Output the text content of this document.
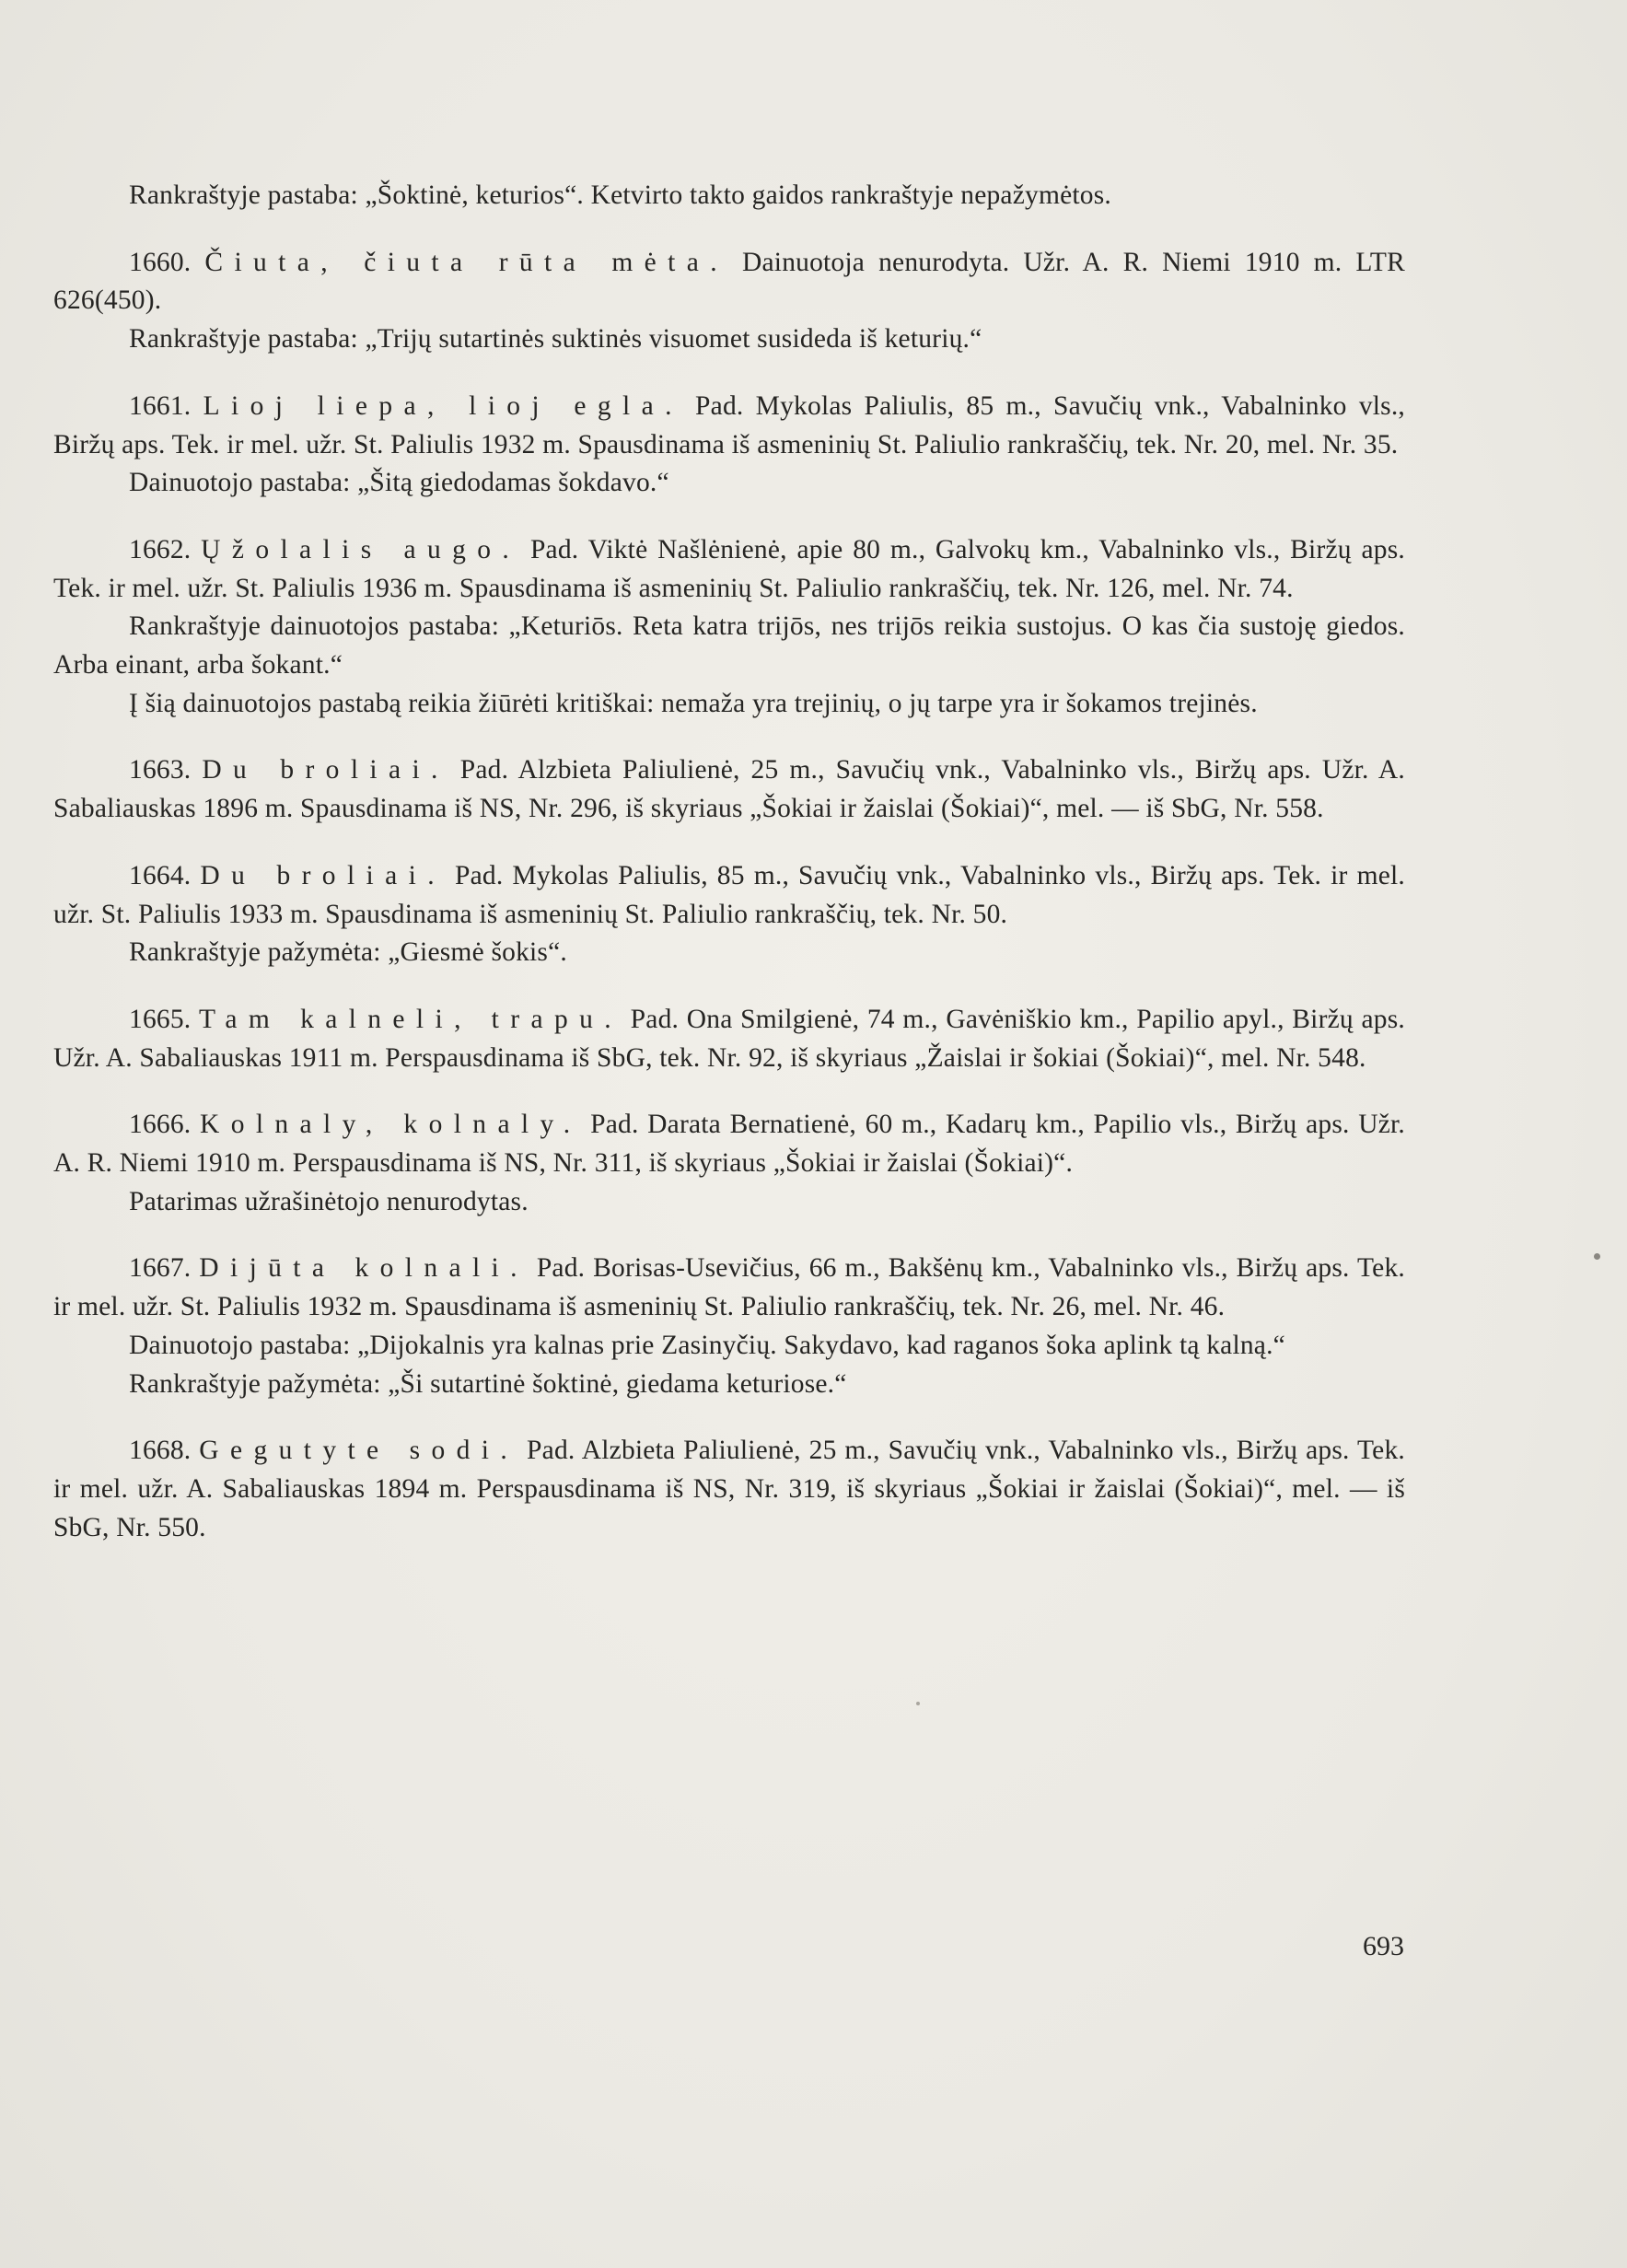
Rankraštyje pastaba: „Šoktinė, keturios“. Ketvirto takto gaidos rankraštyje nepažymėtos.

1660. Čiuta, čiuta rūta mėta. Dainuotoja nenurodyta. Užr. A. R. Niemi 1910 m. LTR 626(450).

Rankraštyje pastaba: „Trijų sutartinės suktinės visuomet susideda iš keturių.“

1661. Lioj liepa, lioj egla. Pad. Mykolas Paliulis, 85 m., Savučių vnk., Vabalninko vls., Biržų aps. Tek. ir mel. užr. St. Paliulis 1932 m. Spausdinama iš asmeninių St. Paliulio rankraščių, tek. Nr. 20, mel. Nr. 35.

Dainuotojo pastaba: „Šitą giedodamas šokdavo.“

1662. Ųžolalis augo. Pad. Viktė Našlėnienė, apie 80 m., Galvokų km., Vabalninko vls., Biržų aps. Tek. ir mel. užr. St. Paliulis 1936 m. Spausdinama iš asmeninių St. Paliulio rankraščių, tek. Nr. 126, mel. Nr. 74.

Rankraštyje dainuotojos pastaba: „Keturiōs. Reta katra trijōs, nes trijōs reikia sustojus. O kas čia sustoję giedos. Arba einant, arba šokant.“

Į šią dainuotojos pastabą reikia žiūrėti kritiškai: nemaža yra trejinių, o jų tarpe yra ir šokamos trejinės.

1663. Du broliai. Pad. Alzbieta Paliulienė, 25 m., Savučių vnk., Vabalninko vls., Biržų aps. Užr. A. Sabaliauskas 1896 m. Spausdinama iš NS, Nr. 296, iš skyriaus „Šokiai ir žaislai (Šokiai)“, mel. — iš SbG, Nr. 558.

1664. Du broliai. Pad. Mykolas Paliulis, 85 m., Savučių vnk., Vabalninko vls., Biržų aps. Tek. ir mel. užr. St. Paliulis 1933 m. Spausdinama iš asmeninių St. Paliulio rankraščių, tek. Nr. 50.

Rankraštyje pažymėta: „Giesmė šokis“.

1665. Tam kalneli, trapu. Pad. Ona Smilgienė, 74 m., Gavėniškio km., Papilio apyl., Biržų aps. Užr. A. Sabaliauskas 1911 m. Perspausdinama iš SbG, tek. Nr. 92, iš skyriaus „Žaislai ir šokiai (Šokiai)“, mel. Nr. 548.

1666. Kolnaly, kolnaly. Pad. Darata Bernatienė, 60 m., Kadarų km., Papilio vls., Biržų aps. Užr. A. R. Niemi 1910 m. Perspausdinama iš NS, Nr. 311, iš skyriaus „Šokiai ir žaislai (Šokiai)“.

Patarimas užrašinėtojo nenurodytas.

1667. Dijūta kolnali. Pad. Borisas-Usevičius, 66 m., Bakšėnų km., Vabalninko vls., Biržų aps. Tek. ir mel. užr. St. Paliulis 1932 m. Spausdinama iš asmeninių St. Paliulio rankraščių, tek. Nr. 26, mel. Nr. 46.

Dainuotojo pastaba: „Dijokalnis yra kalnas prie Zasinyčių. Sakydavo, kad raganos šoka aplink tą kalną.“

Rankraštyje pažymėta: „Ši sutartinė šoktinė, giedama keturiose.“

1668. Gegutyte sodi. Pad. Alzbieta Paliulienė, 25 m., Savučių vnk., Vabalninko vls., Biržų aps. Tek. ir mel. užr. A. Sabaliauskas 1894 m. Perspausdinama iš NS, Nr. 319, iš skyriaus „Šokiai ir žaislai (Šokiai)“, mel. — iš SbG, Nr. 550.

693
